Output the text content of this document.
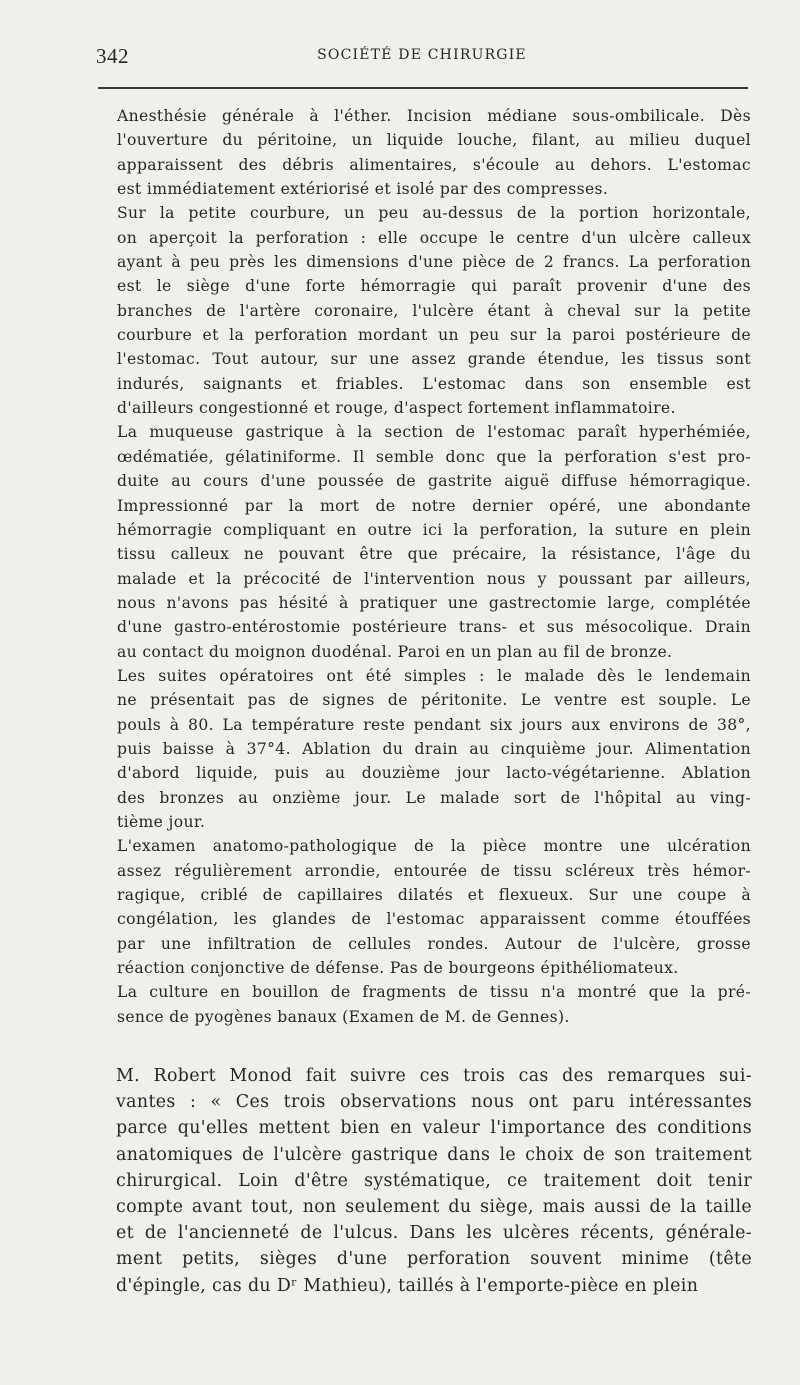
342	SOCIÉTÉ DE CHIRURGIE

Anesthésie générale à l'éther. Incision médiane sous-ombilicale. Dès
l'ouverture du péritoine, un liquide louche, filant, au milieu duquel
apparaissent des débris alimentaires, s'écoule au dehors. L'estomac
est immédiatement extériorisé et isolé par des compresses.

Sur la petite courbure, un peu au-dessus de la portion horizontale,
on aperçoit la perforation : elle occupe le centre d'un ulcère calleux
ayant à peu près les dimensions d'une pièce de 2 francs. La perforation
est le siège d'une forte hémorragie qui paraît provenir d'une des
branches de l'artère coronaire, l'ulcère étant à cheval sur la petite
courbure et la perforation mordant un peu sur la paroi postérieure de
l'estomac. Tout autour, sur une assez grande étendue, les tissus sont
indurés, saignants et friables. L'estomac dans son ensemble est
d'ailleurs congestionné et rouge, d'aspect fortement inflammatoire.

La muqueuse gastrique à la section de l'estomac paraît hyperhémiée,
œdématiée, gélatiniforme. Il semble donc que la perforation s'est pro-
duite au cours d'une poussée de gastrite aiguë diffuse hémorragique.
Impressionné par la mort de notre dernier opéré, une abondante
hémorragie compliquant en outre ici la perforation, la suture en plein
tissu calleux ne pouvant être que précaire, la résistance, l'âge du
malade et la précocité de l'intervention nous y poussant par ailleurs,
nous n'avons pas hésité à pratiquer une gastrectomie large, complétée
d'une gastro-entérostomie postérieure trans- et sus mésocolique. Drain
au contact du moignon duodénal. Paroi en un plan au fil de bronze.

Les suites opératoires ont été simples : le malade dès le lendemain
ne présentait pas de signes de péritonite. Le ventre est souple. Le
pouls à 80. La température reste pendant six jours aux environs de 38°,
puis baisse à 37°4. Ablation du drain au cinquième jour. Alimentation
d'abord liquide, puis au douzième jour lacto-végétarienne. Ablation
des bronzes au onzième jour. Le malade sort de l'hôpital au ving-
tième jour.

L'examen anatomo-pathologique de la pièce montre une ulcération
assez régulièrement arrondie, entourée de tissu scléreux très hémor-
ragique, criblé de capillaires dilatés et flexueux. Sur une coupe à
congélation, les glandes de l'estomac apparaissent comme étouffées
par une infiltration de cellules rondes. Autour de l'ulcère, grosse
réaction conjonctive de défense. Pas de bourgeons épithéliomateux.

La culture en bouillon de fragments de tissu n'a montré que la pré-
sence de pyogènes banaux (Examen de M. de Gennes).

M. Robert Monod fait suivre ces trois cas des remarques sui-
vantes : « Ces trois observations nous ont paru intéressantes
parce qu'elles mettent bien en valeur l'importance des conditions
anatomiques de l'ulcère gastrique dans le choix de son traitement
chirurgical. Loin d'être systématique, ce traitement doit tenir
compte avant tout, non seulement du siège, mais aussi de la taille
et de l'ancienneté de l'ulcus. Dans les ulcères récents, générale-
ment petits, sièges d'une perforation souvent minime (tête
d'épingle, cas du Dʳ Mathieu), taillés à l'emporte-pièce en plein
